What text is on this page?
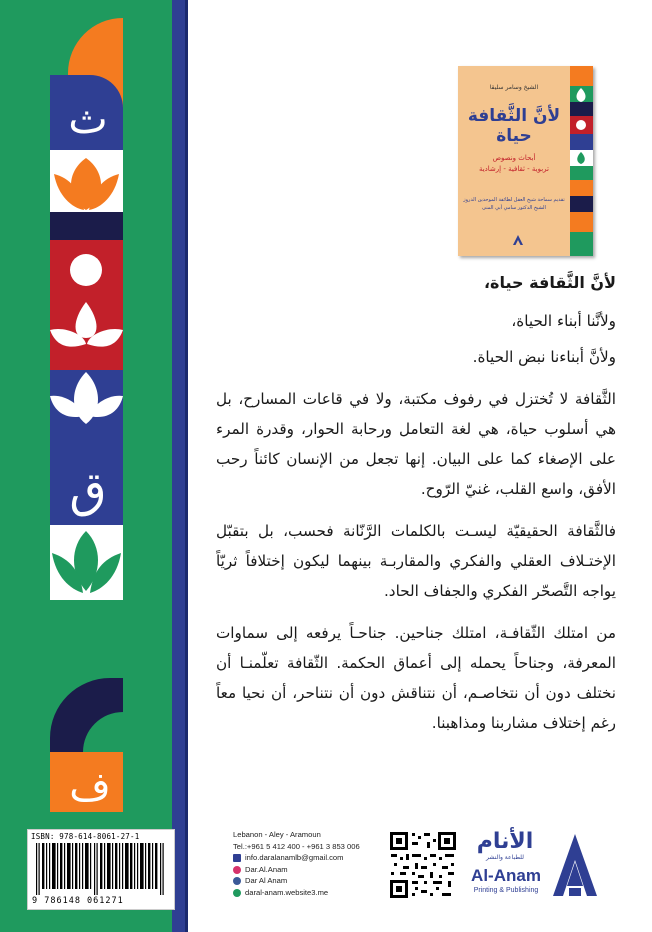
ث
ق
ف
الشيخ وسامر سليقا
لأنَّ الثَّقافة حياة
أبحاث ونصوص
تربوية - ثقافية - إرشادية
تقديم سماحة شيخ العقل لطائفة الموحدين الدروز الشيخ الدكتور سامي أبي المنى

لأنَّ الثَّقافة حياة،

ولأنَّنا أبناء الحياة،

ولأنَّ أبناءنا نبض الحياة.

الثَّقافة لا تُختزل في رفوف مكتبة، ولا في قاعات المسارح، بل هي أسلوب حياة، هي لغة التعامل ورحابة الحوار، وقدرة المرء على الإصغاء كما على البيان. إنها تجعل من الإنسان كائناً رحب الأفق، واسع القلب، غنيّ الرّوح.

فالثَّقافة الحقيقيّة ليسـت بالكلمات الرَّنّانة فحسب، بل بتقبّل الإختـلاف العقلي والفكري والمقاربـة بينهما ليكون إختلافاً ثريّاً يواجه التَّصحّر الفكري والجفاف الحاد.

من امتلك الثّقافـة، امتلك جناحين. جناحـاً يرفعه إلى سماوات المعرفة، وجناحاً يحمله إلى أعماق الحكمة. الثّقافة تعلّمنـا أن نختلف دون أن نتخاصـم، أن نتناقش دون أن نتناحر، أن نحيا معاً رغم إختلاف مشاربنا ومذاهبنا.

ISBN: 978-614-8061-27-1
9 786148 061271
Lebanon - Aley - Aramoun
Tel.:+961 5 412 400 - +961 3 853 006
info.daralanamlb@gmail.com
Dar.Al.Anam
Dar Al Anam
daral-anam.website3.me
الأنام
للطباعة والنشر
Al-Anam
Printing & Publishing
